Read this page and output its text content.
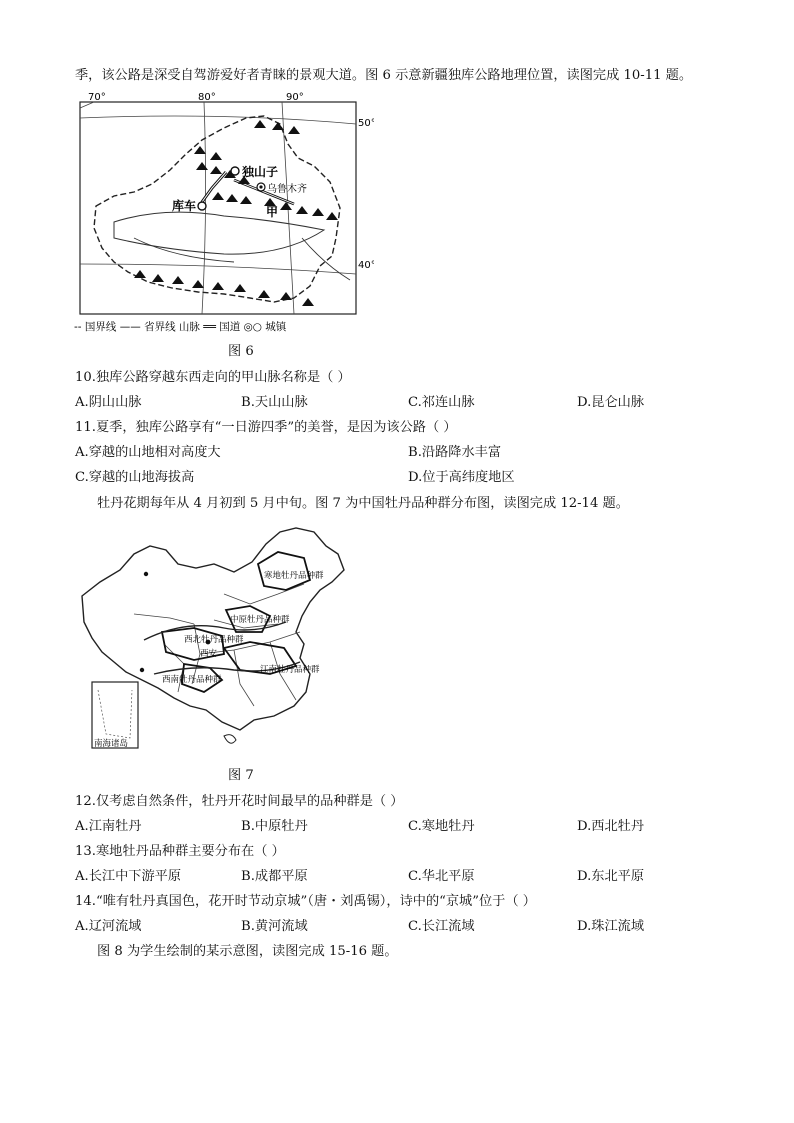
季，该公路是深受自驾游爱好者青睐的景观大道。图 6 示意新疆独库公路地理位置，读图完成 10-11 题。
70°	80°	90°
50°
40°
独山子
乌鲁木齐
库车	甲
-- 国界线 —— 省界线 山脉 ══ 国道 ◎○ 城镇
图 6
10.独库公路穿越东西走向的甲山脉名称是（ ）
A.阴山山脉	B.天山山脉	C.祁连山脉	D.昆仑山脉
11.夏季，独库公路享有“一日游四季”的美誉，是因为该公路（ ）
A.穿越的山地相对高度大	B.沿路降水丰富
C.穿越的山地海拔高	D.位于高纬度地区
牡丹花期每年从 4 月初到 5 月中旬。图 7 为中国牡丹品种群分布图，读图完成 12-14 题。
寒地牡丹品种群
中原牡丹品种群
西北牡丹品种群
西安
西南牡丹品种群
江南牡丹品种群
南海诸岛
图 7
12.仅考虑自然条件，牡丹开花时间最早的品种群是（ ）
A.江南牡丹	B.中原牡丹	C.寒地牡丹	D.西北牡丹
13.寒地牡丹品种群主要分布在（ ）
A.长江中下游平原	B.成都平原	C.华北平原	D.东北平原
14.“唯有牡丹真国色，花开时节动京城”（唐・刘禹锡），诗中的“京城”位于（ ）
A.辽河流域	B.黄河流域	C.长江流域	D.珠江流域
图 8 为学生绘制的某示意图，读图完成 15-16 题。
